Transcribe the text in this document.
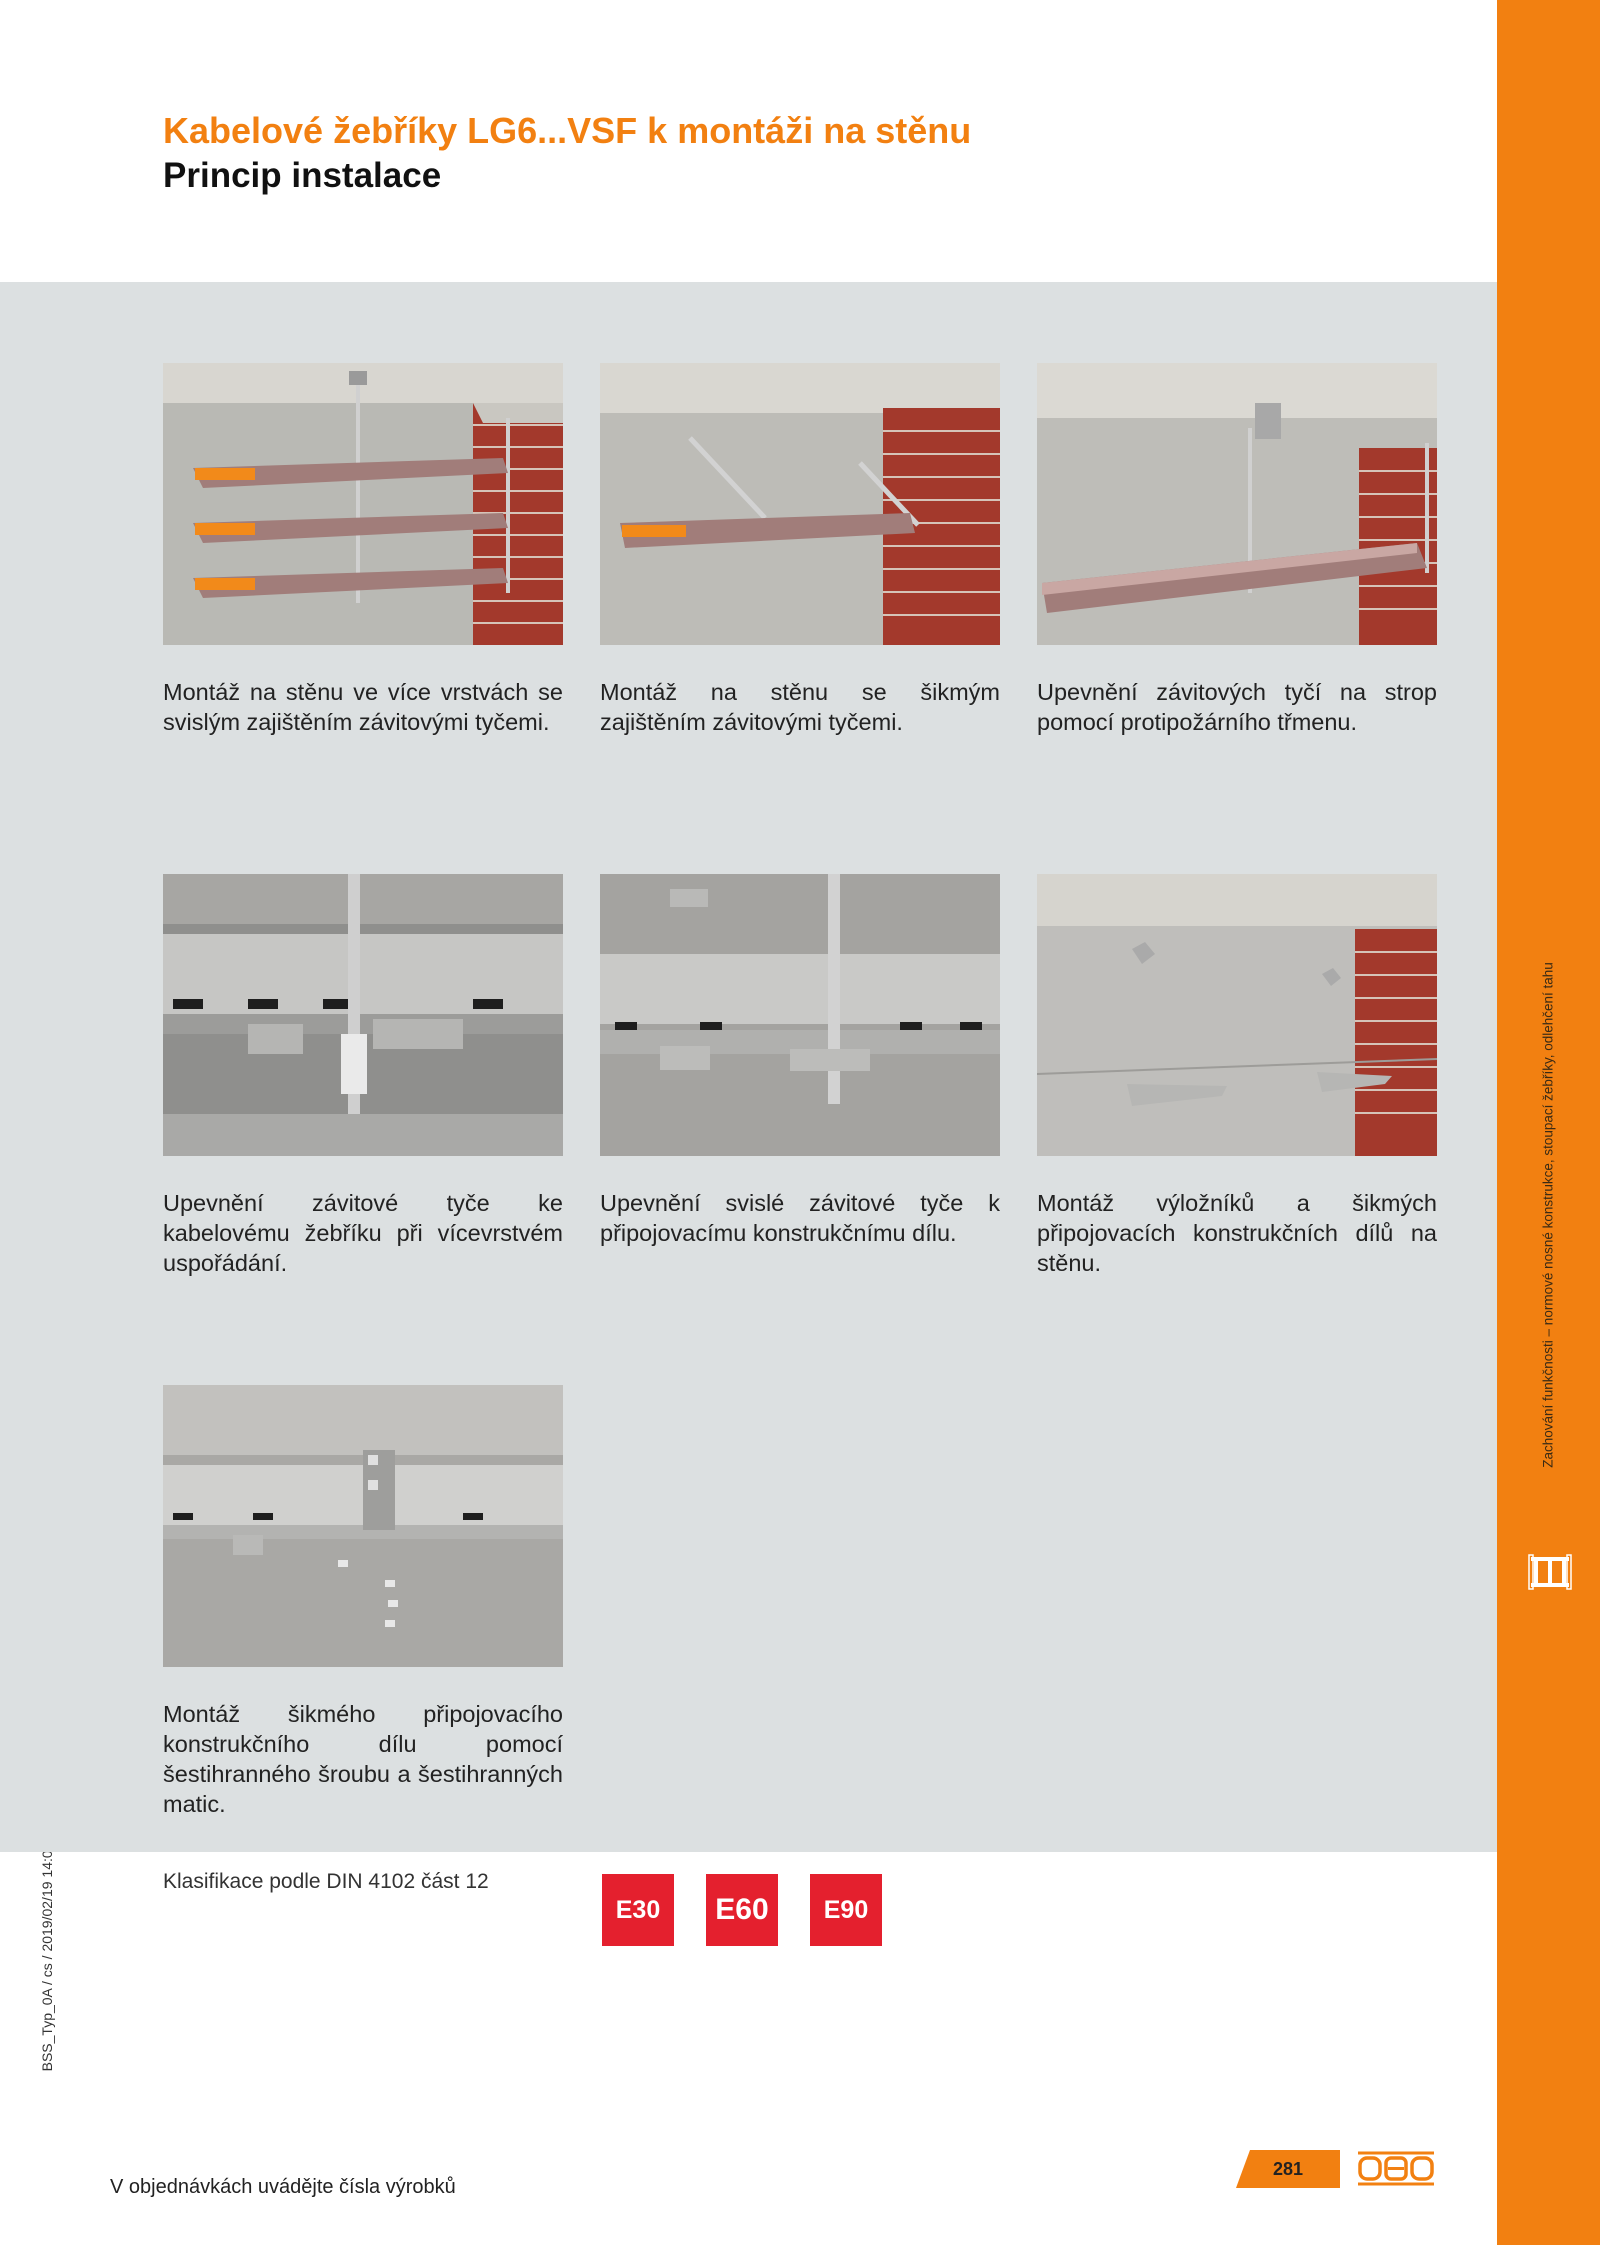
Zachování funkčnosti – normové nosné konstrukce, stoupací žebříky, odlehčení tahu
Kabelové žebříky LG6...VSF k montáži na stěnu
Princip instalace
Montáž na stěnu ve více vrstvách se svislým zajištěním závitovými tyčemi.
Montáž na stěnu se šikmým zajištěním závitovými tyčemi.
Upevnění závitových tyčí na strop pomocí protipožárního třmenu.
Upevnění závitové tyče ke kabelovému žebříku při vícevrstvém uspořádání.
Upevnění svislé závitové tyče k připojovacímu konstrukčnímu dílu.
Montáž výložníků a šikmých připojovacích konstrukčních dílů na stěnu.
Montáž šikmého připojovacího konstrukčního dílu pomocí šestihranného šroubu a šestihranných matic.
Klasifikace podle DIN 4102 část 12
E30	E60	E90
V objednávkách uvádějte čísla výrobků
281
